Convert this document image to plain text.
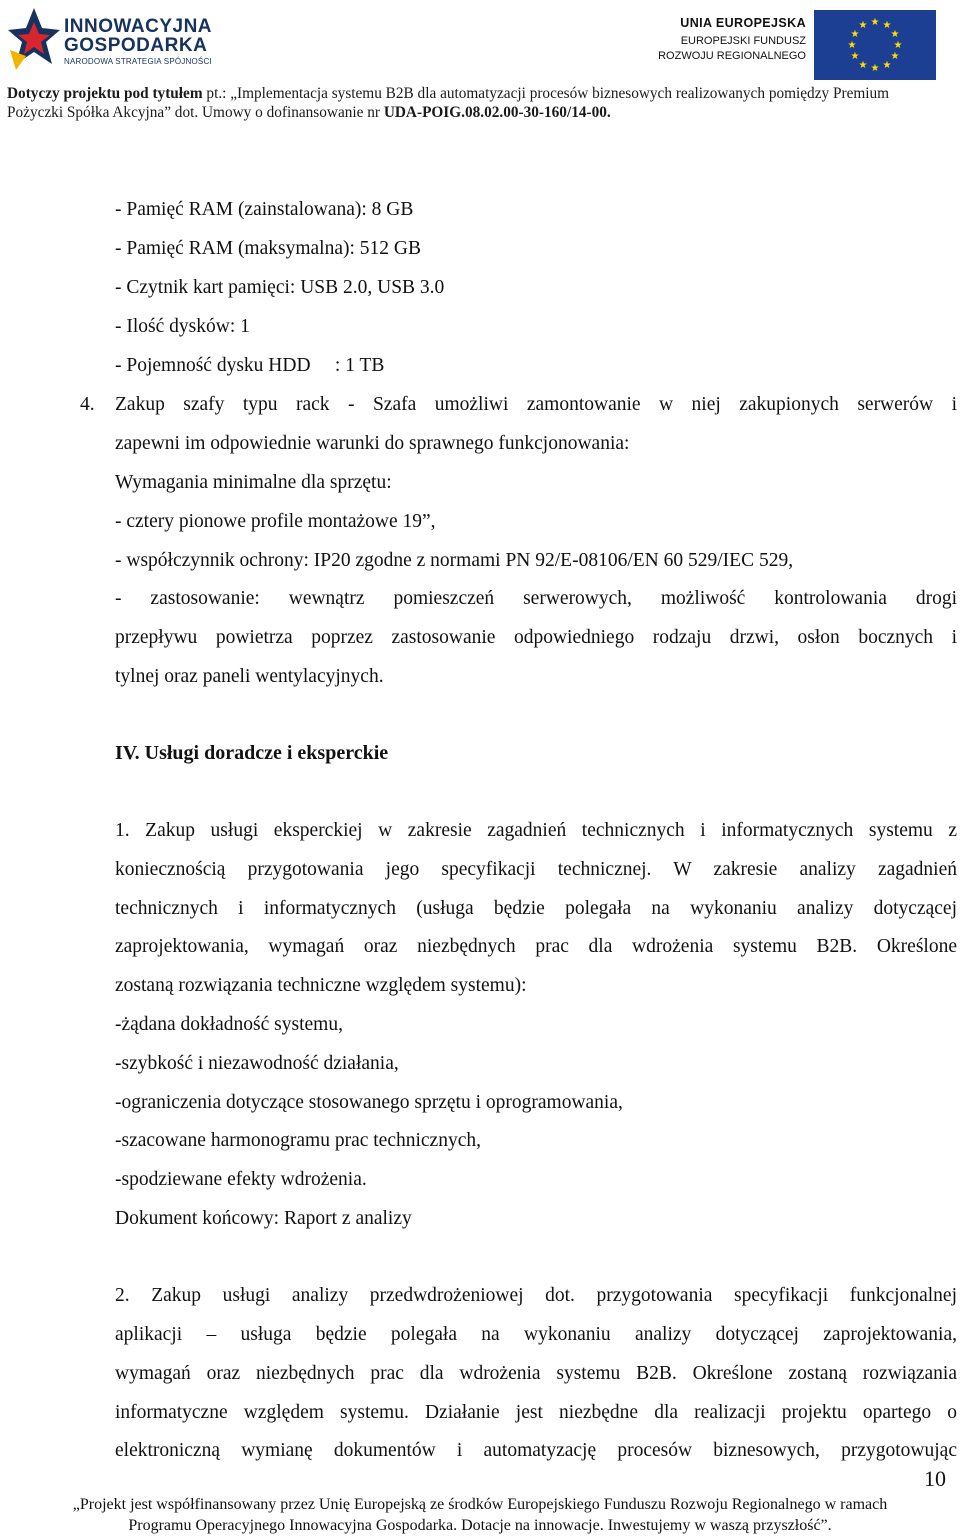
INNOWACYJNA
GOSPODARKA
NARODOWA STRATEGIA SPÓJNOŚCI
UNIA EUROPEJSKA
EUROPEJSKI FUNDUSZ
ROZWOJU REGIONALNEGO
★ ★
★
★
★
★
★
★
★
★
★
★
Dotyczy projektu pod tytułem pt.: „Implementacja systemu B2B dla automatyzacji procesów biznesowych realizowanych pomiędzy Premium
Pożyczki Spółka Akcyjna” dot. Umowy o dofinansowanie nr UDA-POIG.08.02.00-30-160/14-00.
- Pamięć RAM (zainstalowana): 8 GB
- Pamięć RAM (maksymalna): 512 GB
- Czytnik kart pamięci: USB 2.0, USB 3.0
- Ilość dysków: 1
- Pojemność dysku HDD     : 1 TB
4. Zakup szafy typu rack - Szafa umożliwi zamontowanie w niej zakupionych serwerów i
zapewni im odpowiednie warunki do sprawnego funkcjonowania:
Wymagania minimalne dla sprzętu:
- cztery pionowe profile montażowe 19”,
- współczynnik ochrony: IP20 zgodne z normami PN 92/E-08106/EN 60 529/IEC 529,
- zastosowanie: wewnątrz pomieszczeń serwerowych, możliwość kontrolowania drogi
przepływu powietrza poprzez zastosowanie odpowiedniego rodzaju drzwi, osłon bocznych i
tylnej oraz paneli wentylacyjnych.
IV. Usługi doradcze i eksperckie
1. Zakup usługi eksperckiej w zakresie zagadnień technicznych i informatycznych systemu z
koniecznością przygotowania jego specyfikacji technicznej. W zakresie analizy zagadnień
technicznych i informatycznych (usługa będzie polegała na wykonaniu analizy dotyczącej
zaprojektowania, wymagań oraz niezbędnych prac dla wdrożenia systemu B2B. Określone
zostaną rozwiązania techniczne względem systemu):
-żądana dokładność systemu,
-szybkość i niezawodność działania,
-ograniczenia dotyczące stosowanego sprzętu i oprogramowania,
-szacowane harmonogramu prac technicznych,
-spodziewane efekty wdrożenia.
Dokument końcowy: Raport z analizy
2. Zakup usługi analizy przedwdrożeniowej dot. przygotowania specyfikacji funkcjonalnej
aplikacji – usługa będzie polegała na wykonaniu analizy dotyczącej zaprojektowania,
wymagań oraz niezbędnych prac dla wdrożenia systemu B2B. Określone zostaną rozwiązania
informatyczne względem systemu. Działanie jest niezbędne dla realizacji projektu opartego o
elektroniczną wymianę dokumentów i automatyzację procesów biznesowych, przygotowując
10
„Projekt jest współfinansowany przez Unię Europejską ze środków Europejskiego Funduszu Rozwoju Regionalnego w ramach
Programu Operacyjnego Innowacyjna Gospodarka. Dotacje na innowacje. Inwestujemy w waszą przyszłość”.
